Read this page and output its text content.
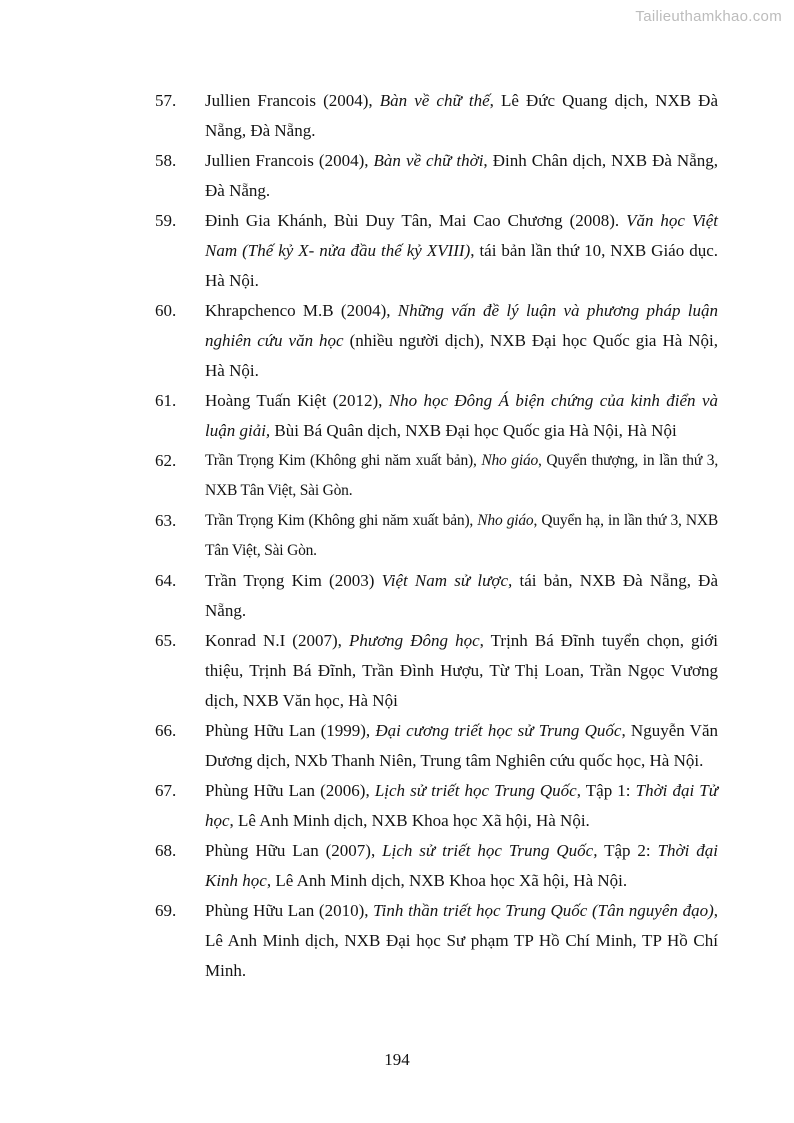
Tailieuthamkhao.com
57. Jullien Francois (2004), Bàn về chữ thế, Lê Đức Quang dịch, NXB Đà Nẵng, Đà Nẵng.
58. Jullien Francois (2004), Bàn về chữ thời, Đinh Chân dịch, NXB Đà Nẵng, Đà Nẵng.
59. Đinh Gia Khánh, Bùi Duy Tân, Mai Cao Chương (2008). Văn học Việt Nam (Thế kỷ X- nửa đầu thế kỷ XVIII), tái bản lần thứ 10, NXB Giáo dục. Hà Nội.
60. Khrapchenco M.B (2004), Những vấn đề lý luận và phương pháp luận nghiên cứu văn học (nhiều người dịch), NXB Đại học Quốc gia Hà Nội, Hà Nội.
61. Hoàng Tuấn Kiệt (2012), Nho học Đông Á biện chứng của kinh điển và luận giải, Bùi Bá Quân dịch, NXB Đại học Quốc gia Hà Nội, Hà Nội
62. Trần Trọng Kim (Không ghi năm xuất bản), Nho giáo, Quyển thượng, in lần thứ 3, NXB Tân Việt, Sài Gòn.
63. Trần Trọng Kim (Không ghi năm xuất bản), Nho giáo, Quyển hạ, in lần thứ 3, NXB Tân Việt, Sài Gòn.
64. Trần Trọng Kim (2003) Việt Nam sử lược, tái bản, NXB Đà Nẵng, Đà Nẵng.
65. Konrad N.I (2007), Phương Đông học, Trịnh Bá Đĩnh tuyển chọn, giới thiệu, Trịnh Bá Đĩnh, Trần Đình Hượu, Từ Thị Loan, Trần Ngọc Vương dịch, NXB Văn học, Hà Nội
66. Phùng Hữu Lan (1999), Đại cương triết học sử Trung Quốc, Nguyễn Văn Dương dịch, NXb Thanh Niên, Trung tâm Nghiên cứu quốc học, Hà Nội.
67. Phùng Hữu Lan (2006), Lịch sử triết học Trung Quốc, Tập 1: Thời đại Tử học, Lê Anh Minh dịch, NXB Khoa học Xã hội, Hà Nội.
68. Phùng Hữu Lan (2007), Lịch sử triết học Trung Quốc, Tập 2: Thời đại Kinh học, Lê Anh Minh dịch, NXB Khoa học Xã hội, Hà Nội.
69. Phùng Hữu Lan (2010), Tinh thần triết học Trung Quốc (Tân nguyên đạo), Lê Anh Minh dịch, NXB Đại học Sư phạm TP Hồ Chí Minh, TP Hồ Chí Minh.
194
